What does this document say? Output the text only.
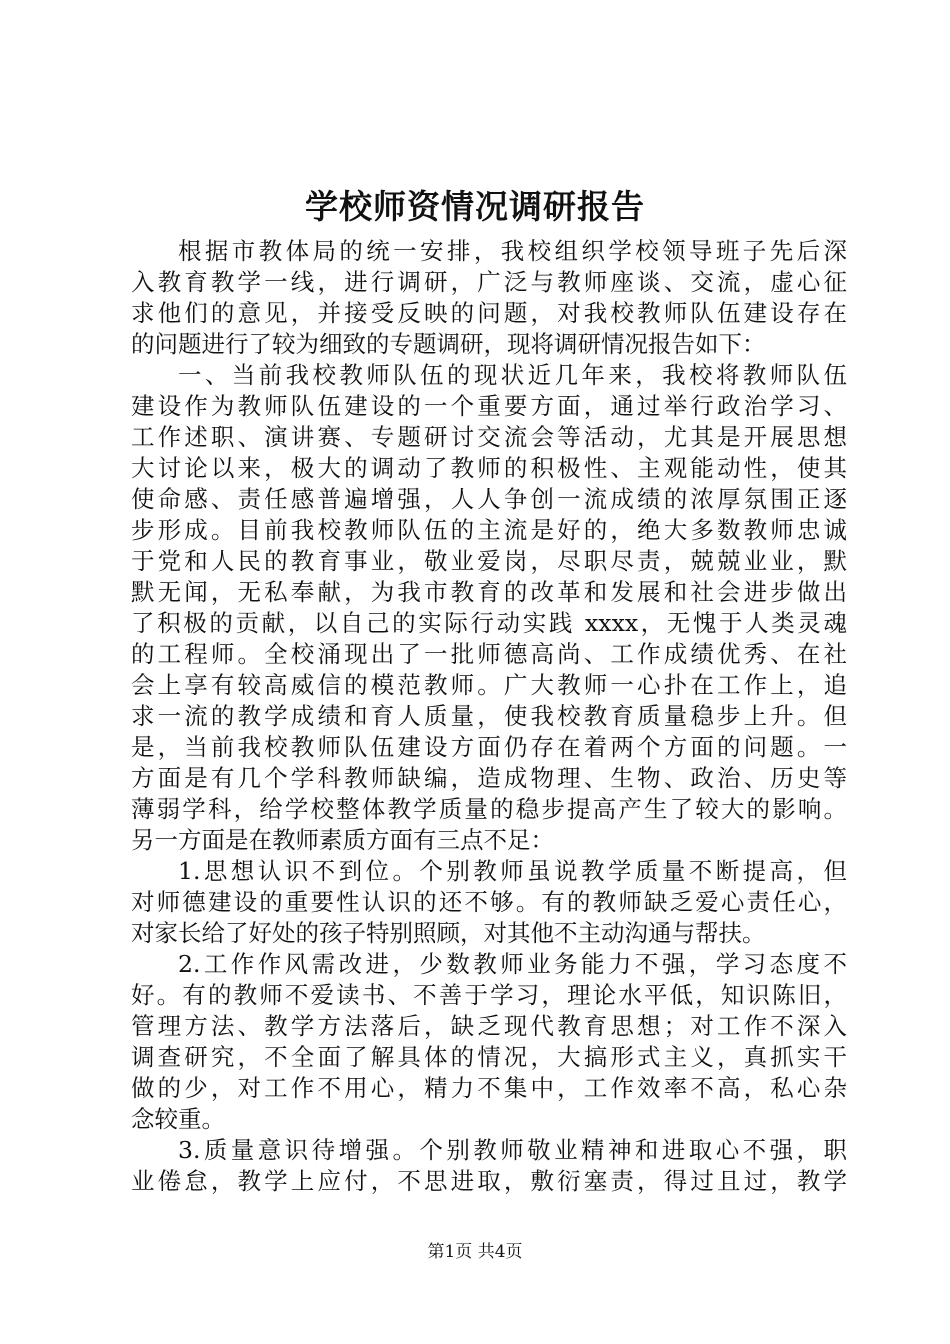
学校师资情况调研报告
根据市教体局的统一安排，我校组织学校领导班子先后深
入教育教学一线，进行调研，广泛与教师座谈、交流，虚心征
求他们的意见，并接受反映的问题，对我校教师队伍建设存在
的问题进行了较为细致的专题调研，现将调研情况报告如下：
一、当前我校教师队伍的现状近几年来，我校将教师队伍
建设作为教师队伍建设的一个重要方面，通过举行政治学习、
工作述职、演讲赛、专题研讨交流会等活动，尤其是开展思想
大讨论以来，极大的调动了教师的积极性、主观能动性，使其
使命感、责任感普遍增强，人人争创一流成绩的浓厚氛围正逐
步形成。目前我校教师队伍的主流是好的，绝大多数教师忠诚
于党和人民的教育事业，敬业爱岗，尽职尽责，兢兢业业，默
默无闻，无私奉献，为我市教育的改革和发展和社会进步做出
了积极的贡献，以自己的实际行动实践 xxxx，无愧于人类灵魂
的工程师。全校涌现出了一批师德高尚、工作成绩优秀、在社
会上享有较高威信的模范教师。广大教师一心扑在工作上，追
求一流的教学成绩和育人质量，使我校教育质量稳步上升。但
是，当前我校教师队伍建设方面仍存在着两个方面的问题。一
方面是有几个学科教师缺编，造成物理、生物、政治、历史等
薄弱学科，给学校整体教学质量的稳步提高产生了较大的影响。
另一方面是在教师素质方面有三点不足：
1.思想认识不到位。个别教师虽说教学质量不断提高，但
对师德建设的重要性认识的还不够。有的教师缺乏爱心责任心，
对家长给了好处的孩子特别照顾，对其他不主动沟通与帮扶。
2.工作作风需改进，少数教师业务能力不强，学习态度不
好。有的教师不爱读书、不善于学习，理论水平低，知识陈旧，
管理方法、教学方法落后，缺乏现代教育思想；对工作不深入
调查研究，不全面了解具体的情况，大搞形式主义，真抓实干
做的少，对工作不用心，精力不集中，工作效率不高，私心杂
念较重。
3.质量意识待增强。个别教师敬业精神和进取心不强，职
业倦怠，教学上应付，不思进取，敷衍塞责，得过且过，教学
第1页 共4页
